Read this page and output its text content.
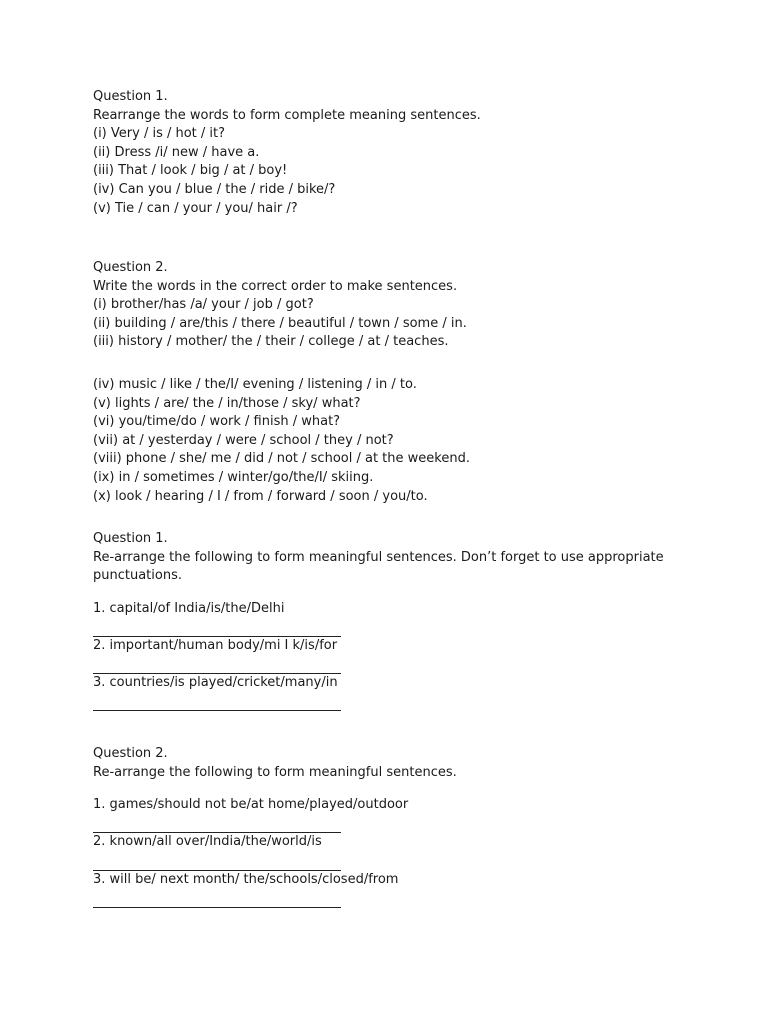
Question 1.
Rearrange the words to form complete meaning sentences.
(i) Very / is / hot / it?
(ii) Dress /i/ new / have a.
(iii) That / look / big / at / boy!
(iv) Can you / blue / the / ride / bike/?
(v) Tie / can / your / you/ hair /?
Question 2.
Write the words in the correct order to make sentences.
(i) brother/has /a/ your / job / got?
(ii) building / are/this / there / beautiful / town / some / in.
(iii) history / mother/ the / their / college / at / teaches.
(iv) music / like / the/I/ evening / listening / in / to.
(v) lights / are/ the / in/those / sky/ what?
(vi) you/time/do / work / finish / what?
(vii) at / yesterday / were / school / they / not?
(viii) phone / she/ me / did / not / school / at the weekend.
(ix) in / sometimes / winter/go/the/I/ skiing.
(x) look / hearing / I / from / forward / soon / you/to.
Question 1.
Re-arrange the following to form meaningful sentences. Don’t forget to use appropriate punctuations.
1. capital/of India/is/the/Delhi
2. important/human body/mi I k/is/for
3. countries/is played/cricket/many/in
Question 2.
Re-arrange the following to form meaningful sentences.
1. games/should not be/at home/played/outdoor
2. known/all over/India/the/world/is
3. will be/ next month/ the/schools/closed/from
